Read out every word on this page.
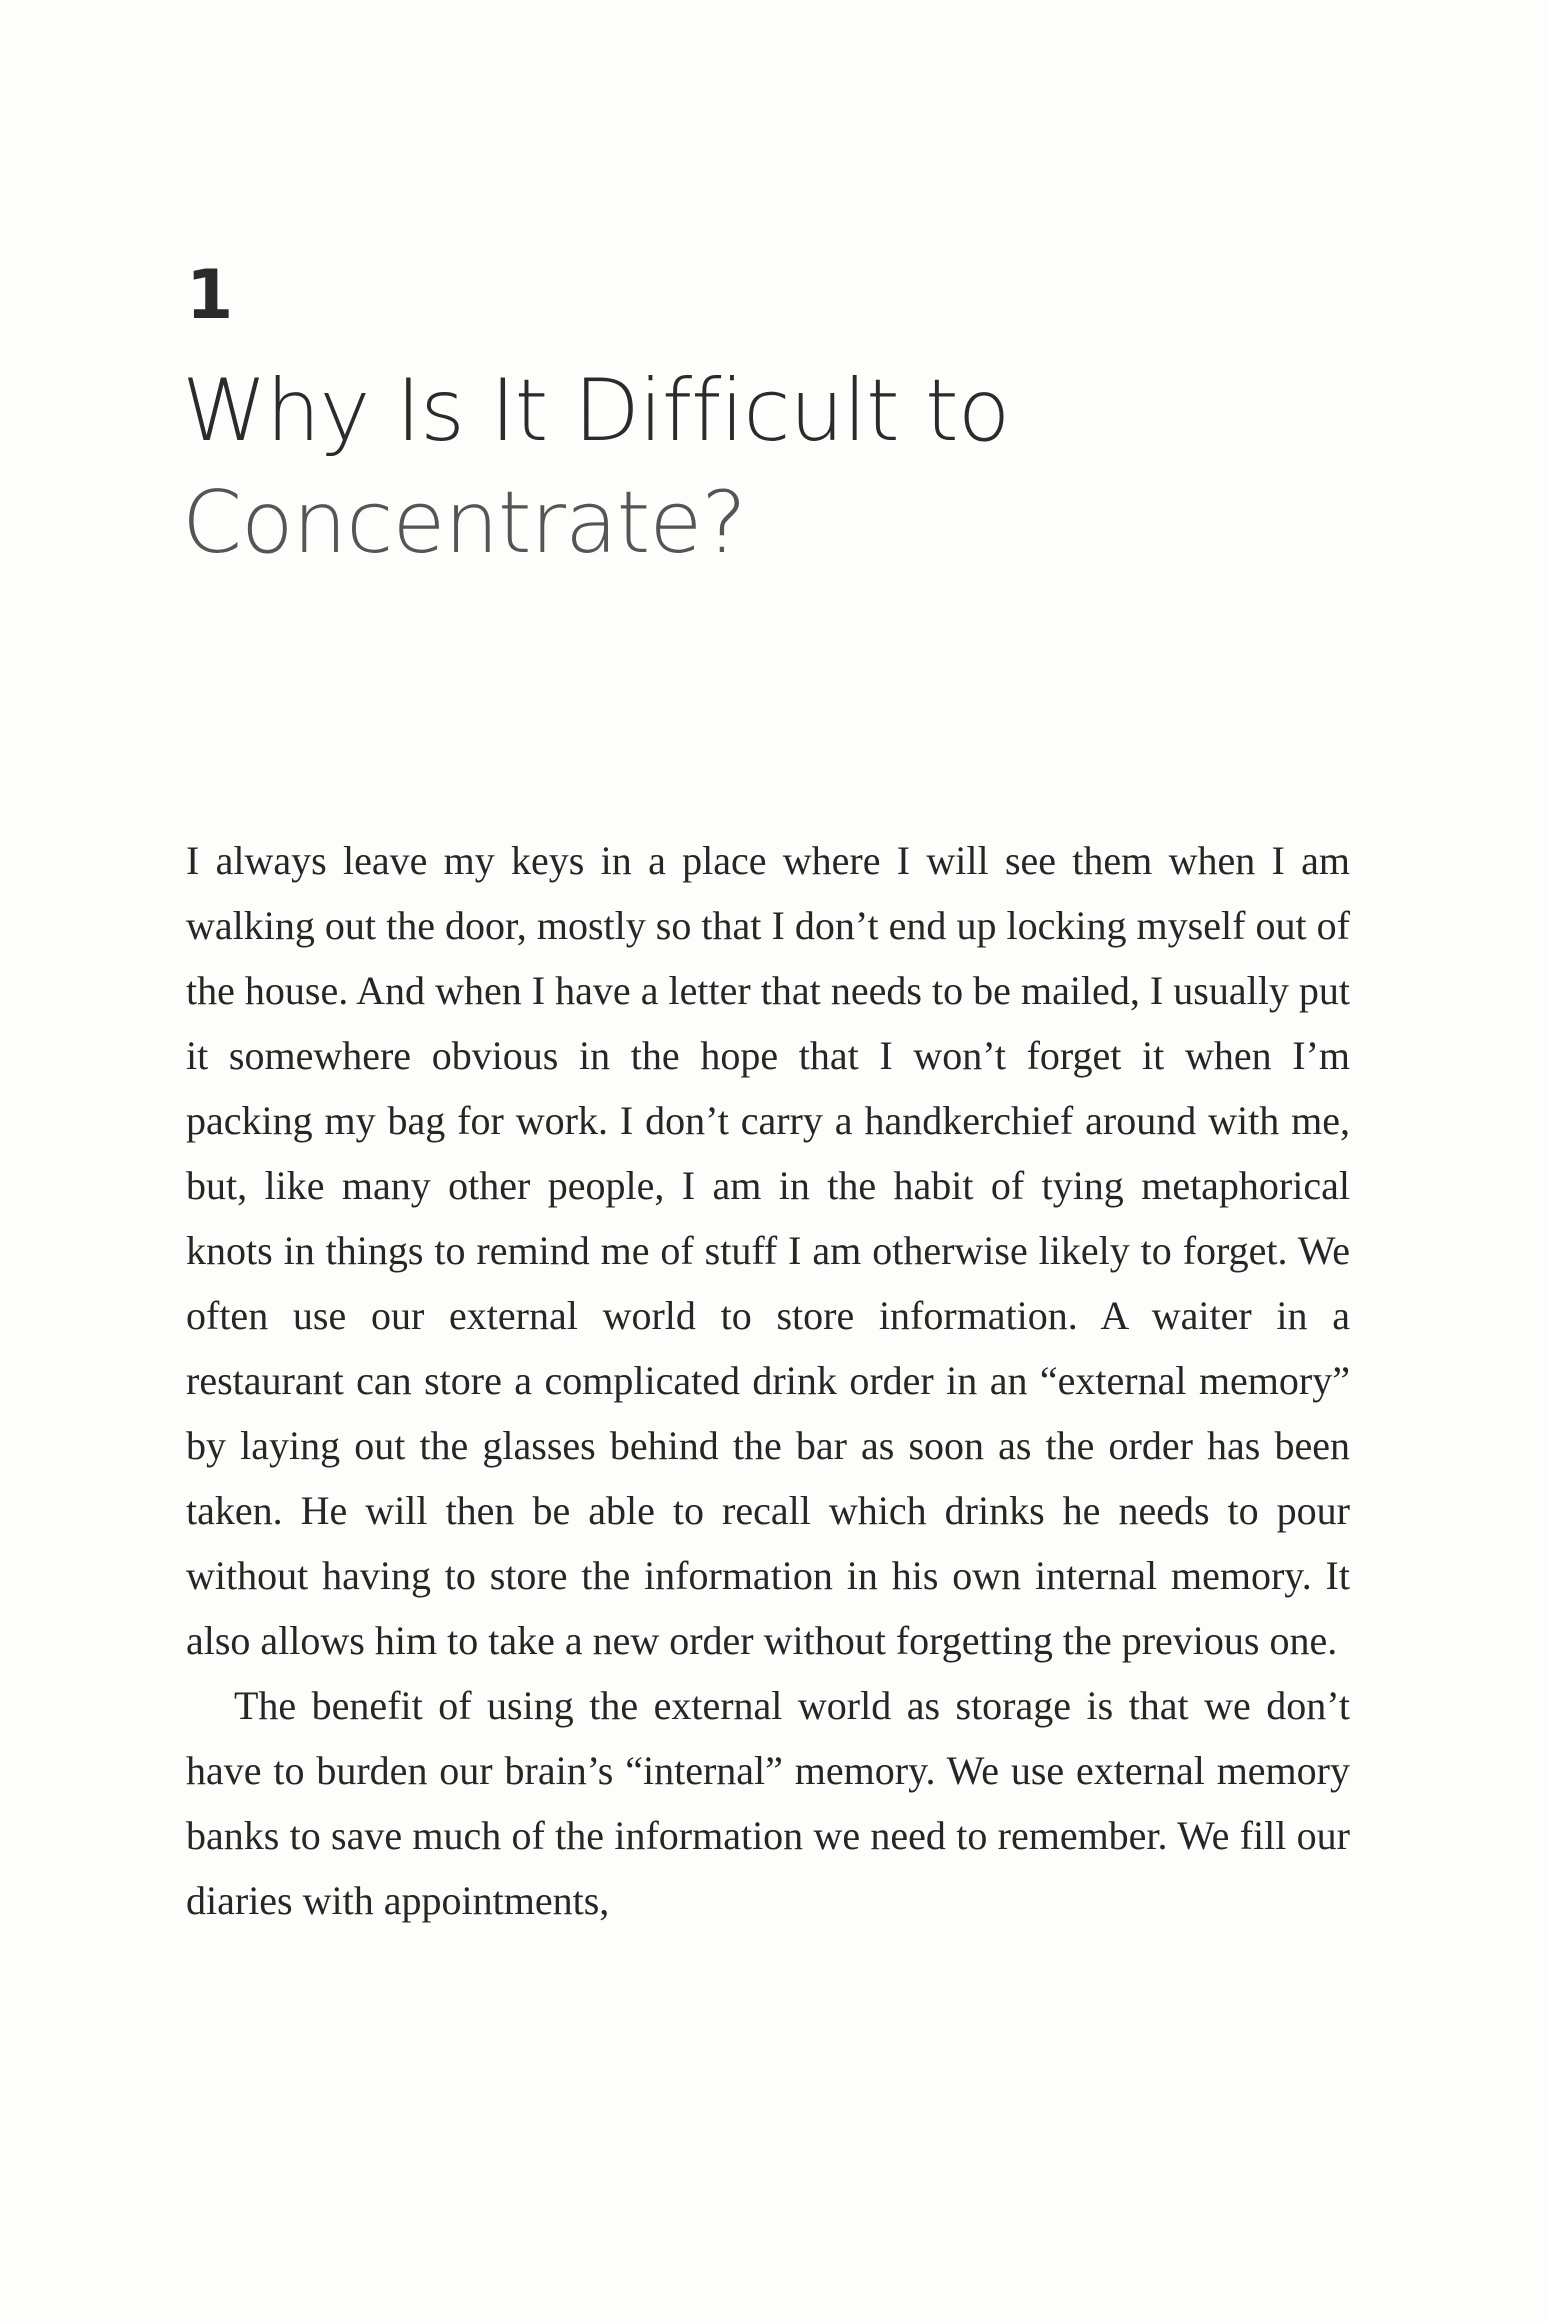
1
Why Is It Difficult to
Concentrate?

I always leave my keys in a place where I will see them when I am walking out the door, mostly so that I don’t end up locking myself out of the house. And when I have a letter that needs to be mailed, I usually put it somewhere obvious in the hope that I won’t forget it when I’m packing my bag for work. I don’t carry a handkerchief around with me, but, like many other people, I am in the habit of tying metaphorical knots in things to remind me of stuff I am otherwise likely to forget. We often use our external world to store information. A waiter in a restaurant can store a complicated drink order in an “external memory” by laying out the glasses behind the bar as soon as the order has been taken. He will then be able to recall which drinks he needs to pour without having to store the information in his own internal memory. It also allows him to take a new order without forgetting the previous one.

The benefit of using the external world as storage is that we don’t have to burden our brain’s “internal” memory. We use external memory banks to save much of the information we need to remember. We fill our diaries with appointments,
